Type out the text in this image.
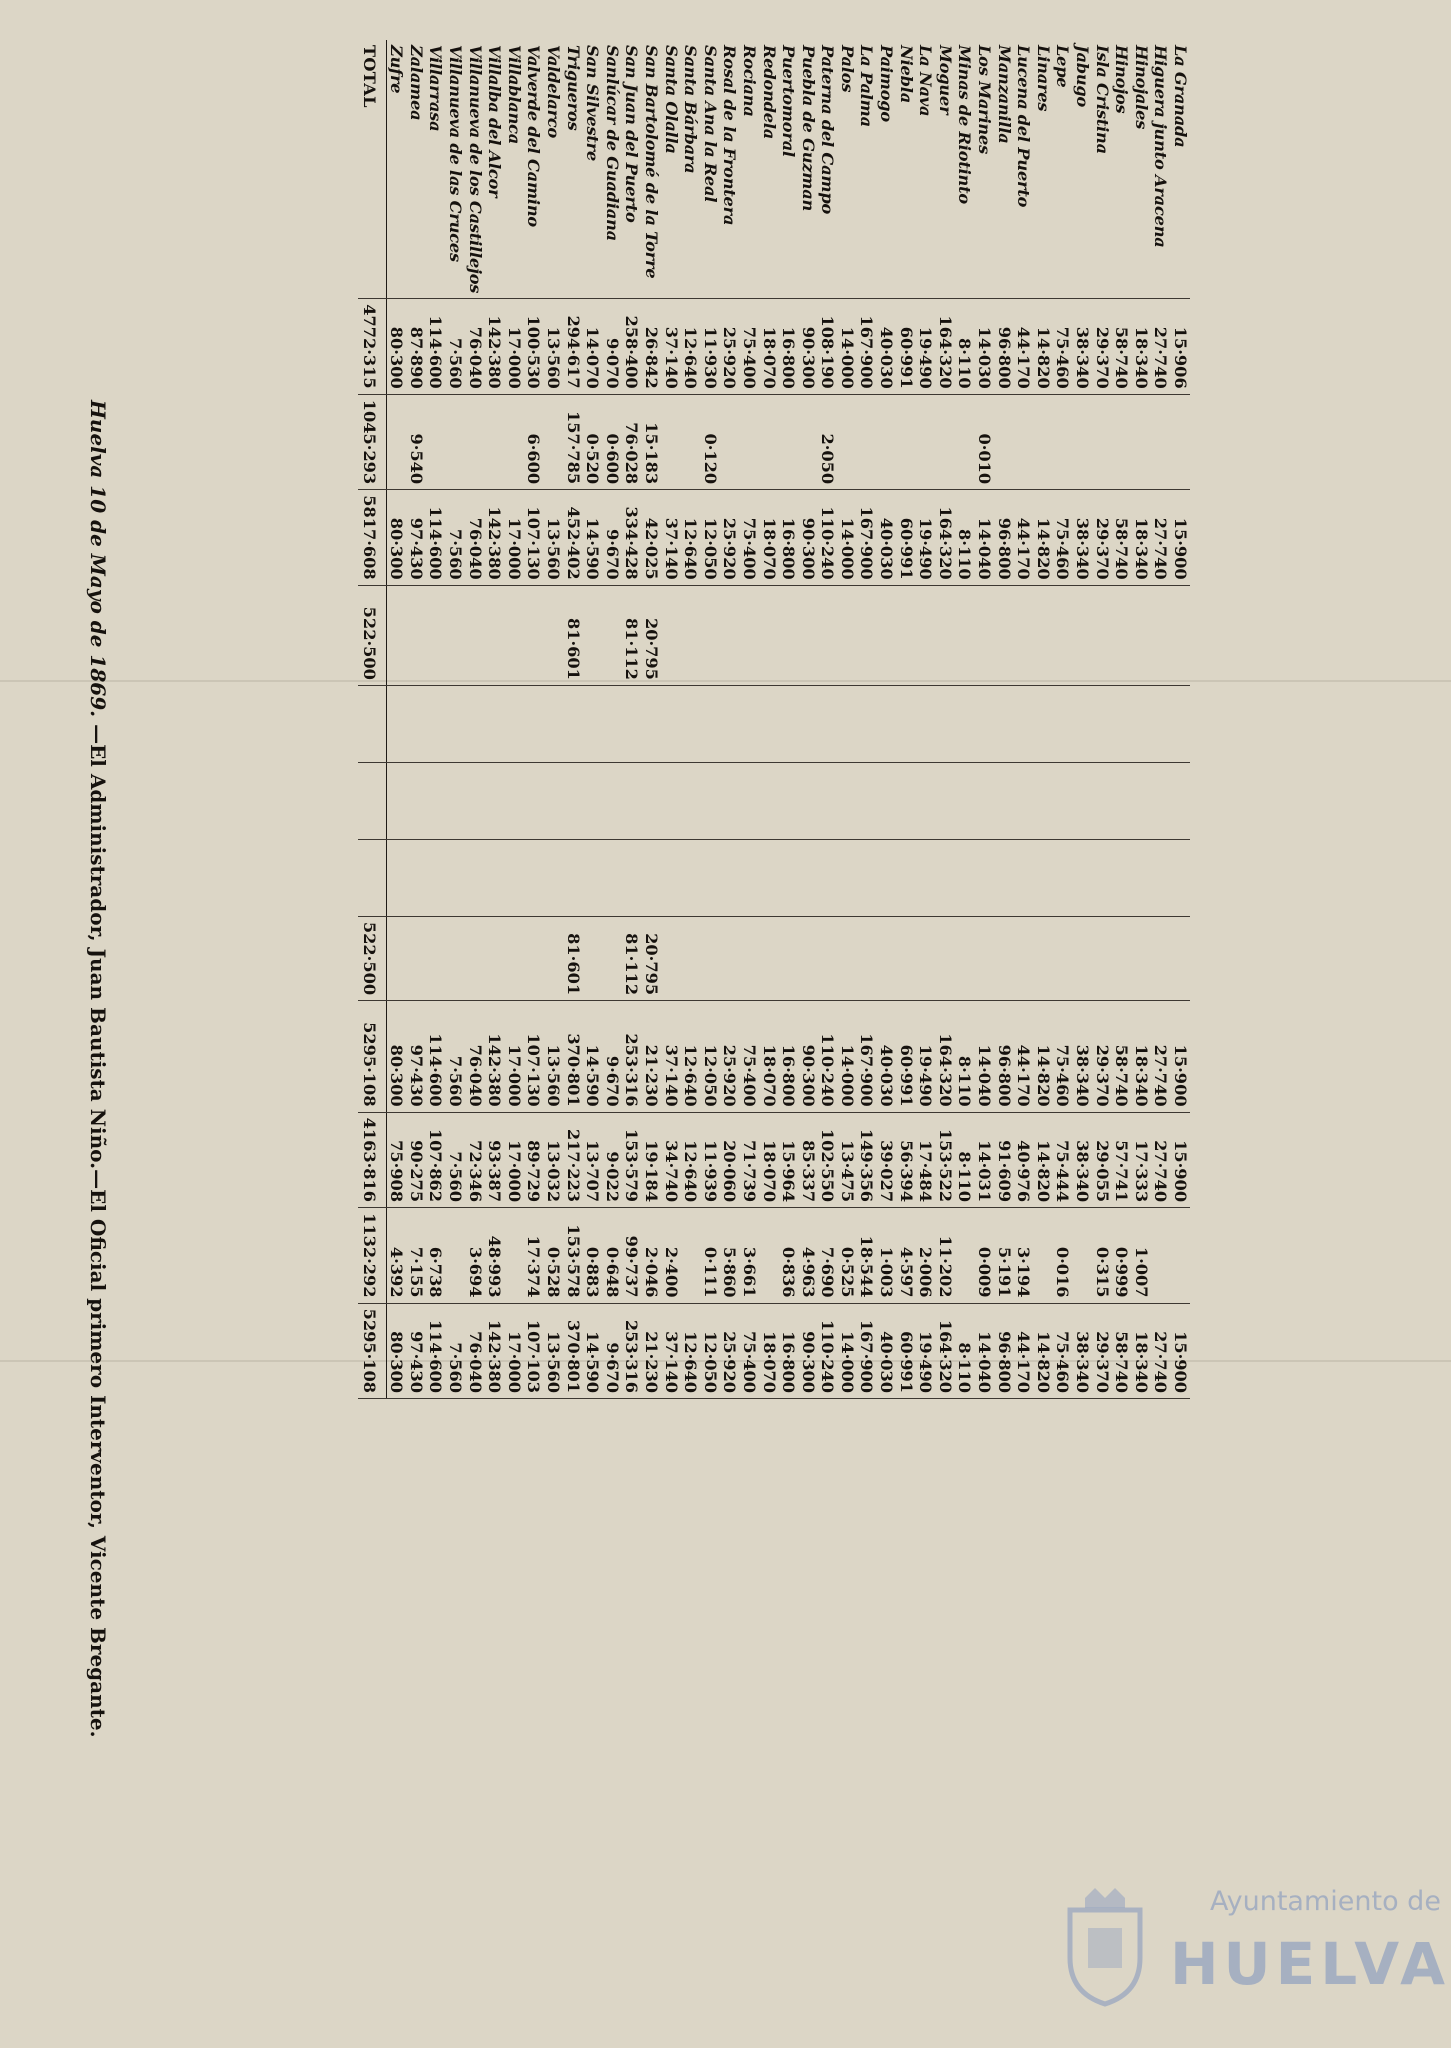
La Granada	15·906		15·900								15·900	15·900		15·900
Higuera junto Aracena	27·740		27·740								27·740	27·740		27·740
Hinojales	18·340		18·340								18·340	17·333	1·007	18·340
Hinojos	58·740		58·740								58·740	57·741	0·999	58·740
Isla Cristina	29·370		29·370								29·370	29·055	0·315	29·370
Jabugo	38·340		38·340								38·340	38·340		38·340
Lepe	75·460		75·460								75·460	75·444	0·016	75·460
Linares	14·820		14·820								14·820	14·820		14·820
Lucena del Puerto	44·170		44·170								44·170	40·976	3·194	44·170
Manzanilla	96·800		96·800								96·800	91·609	5·191	96·800
Los Marines	14·030	0·010	14·040								14·040	14·031	0·009	14·040
Minas de Riotinto	8·110		8·110								8·110	8·110		8·110
Moguer	164·320		164·320								164·320	153·522	11·202	164·320
La Nava	19·490		19·490								19·490	17·484	2·006	19·490
Niebla	60·991		60·991								60·991	56·394	4·597	60·991
Paimogo	40·030		40·030								40·030	39·027	1·003	40·030
La Palma	167·900		167·900								167·900	149·356	18·544	167·900
Palos	14·000		14·000								14·000	13·475	0·525	14·000
Paterna del Campo	108·190	2·050	110·240								110·240	102·550	7·690	110·240
Puebla de Guzman	90·300		90·300								90·300	85·337	4·963	90·300
Puertomoral	16·800		16·800								16·800	15·964	0·836	16·800
Redondela	18·070		18·070								18·070	18·070		18·070
Rociana	75·400		75·400								75·400	71·739	3·661	75·400
Rosal de la Frontera	25·920		25·920								25·920	20·060	5·860	25·920
Santa Ana la Real	11·930	0·120	12·050								12·050	11·939	0·111	12·050
Santa Bárbara	12·640		12·640								12·640	12·640		12·640
Santa Olalla	37·140		37·140								37·140	34·740	2·400	37·140
San Bartolomé de la Torre	26·842	15·183	42·025		20·795				20·795		21·230	19·184	2·046	21·230
San Juan del Puerto	258·400	76·028	334·428		81·112				81·112		253·316	153·579	99·737	253·316
Sanlúcar de Guadiana	9·070	0·600	9·670								9·670	9·022	0·648	9·670
San Silvestre	14·070	0·520	14·590								14·590	13·707	0·883	14·590
Trigueros	294·617	157·785	452·402		81·601				81·601		370·801	217·223	153·578	370·801
Valdelarco	13·560		13·560								13·560	13·032	0·528	13·560
Valverde del Camino	100·530	6·600	107·130								107·130	89·729	17·374	107·103
Villablanca	17·000		17·000								17·000	17·000		17·000
Villalba del Alcor	142·380		142·380								142·380	93·387	48·993	142·380
Villanueva de los Castillejos	76·040		76·040								76·040	72·346	3·694	76·040
Villanueva de las Cruces	7·560		7·560								7·560	7·560		7·560
Villarrasa	114·600		114·600								114·600	107·862	6·738	114·600
Zalamea	87·890	9·540	97·430								97·430	90·275	7·155	97·430
Zufre	80·300		80·300								80·300	75·908	4·392	80·300
TOTAL	4772·315	1045·293	5817·608		522·500				522·500		5295·108	4163·816	1132·292	5295·108
Huelva 10 de Mayo de 1869. —El Administrador, Juan Bautista Niño.—El Oficial primero Interventor, Vicente Bregante.
Ayuntamiento de
HUELVA
